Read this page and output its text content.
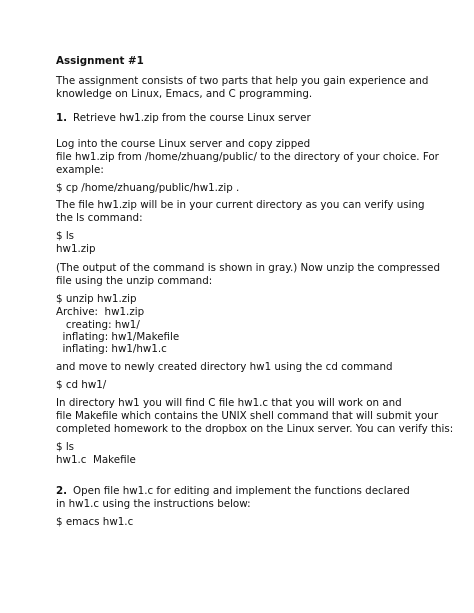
Assignment #1

The assignment consists of two parts that help you gain experience and

knowledge on Linux, Emacs, and C programming.

1. Retrieve hw1.zip from the course Linux server

Log into the course Linux server and copy zipped

file hw1.zip from /home/zhuang/public/ to the directory of your choice. For

example:

$ cp /home/zhuang/public/hw1.zip .

The file hw1.zip will be in your current directory as you can verify using

the ls command:

$ ls

hw1.zip

(The output of the command is shown in gray.) Now unzip the compressed

file using the unzip command:

$ unzip hw1.zip

Archive:  hw1.zip

creating: hw1/

inflating: hw1/Makefile

inflating: hw1/hw1.c

and move to newly created directory hw1 using the cd command

$ cd hw1/

In directory hw1 you will find C file hw1.c that you will work on and

file Makefile which contains the UNIX shell command that will submit your

completed homework to the dropbox on the Linux server. You can verify this:

$ ls

hw1.c  Makefile

2. Open file hw1.c for editing and implement the functions declared

in hw1.c using the instructions below:

$ emacs hw1.c
